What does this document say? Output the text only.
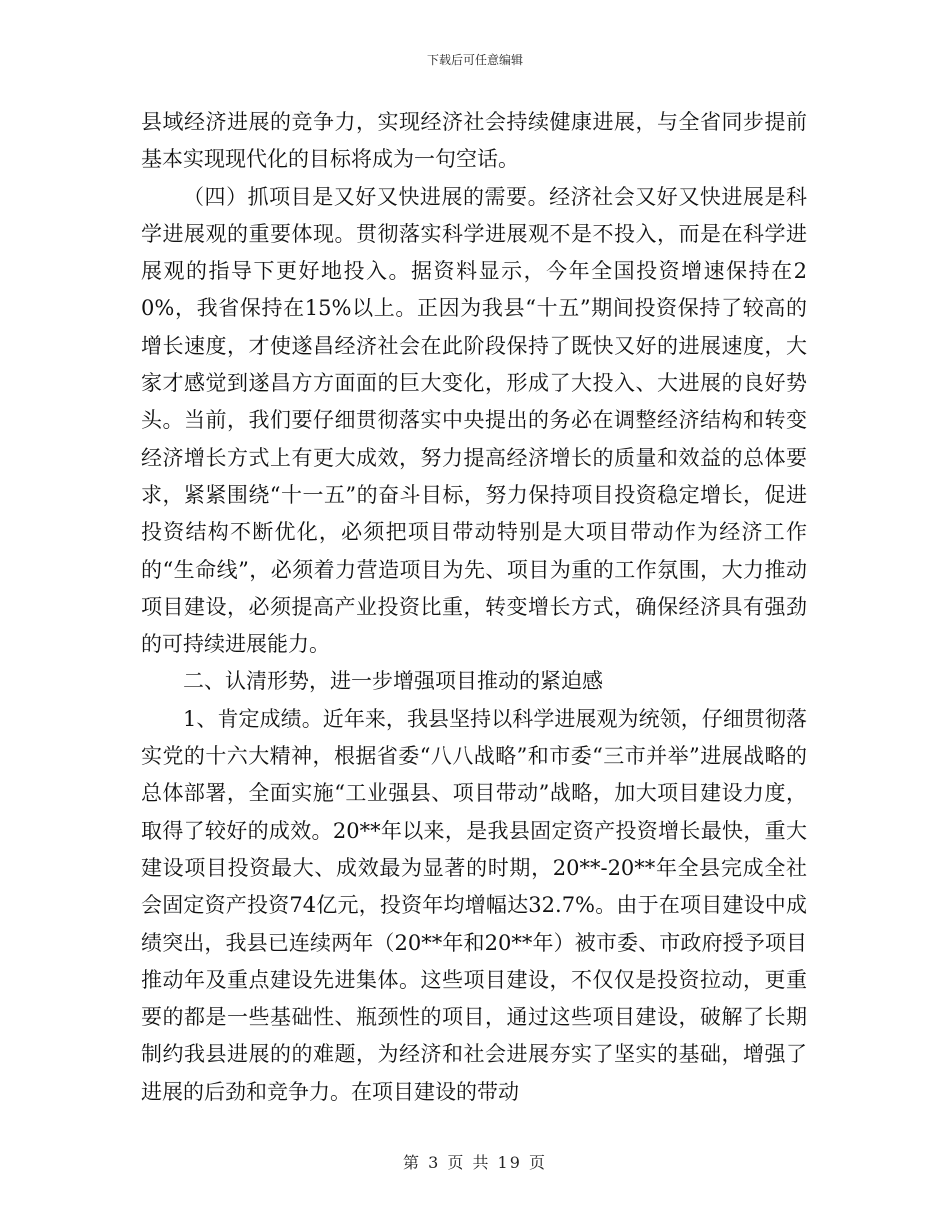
下载后可任意编辑

县域经济进展的竞争力，实现经济社会持续健康进展，与全省同步提前基本实现现代化的目标将成为一句空话。

（四）抓项目是又好又快进展的需要。经济社会又好又快进展是科学进展观的重要体现。贯彻落实科学进展观不是不投入，而是在科学进展观的指导下更好地投入。据资料显示，今年全国投资增速保持在20%，我省保持在15%以上。正因为我县“十五”期间投资保持了较高的增长速度，才使遂昌经济社会在此阶段保持了既快又好的进展速度，大家才感觉到遂昌方方面面的巨大变化，形成了大投入、大进展的良好势头。当前，我们要仔细贯彻落实中央提出的务必在调整经济结构和转变经济增长方式上有更大成效，努力提高经济增长的质量和效益的总体要求，紧紧围绕“十一五”的奋斗目标，努力保持项目投资稳定增长，促进投资结构不断优化，必须把项目带动特别是大项目带动作为经济工作的“生命线”，必须着力营造项目为先、项目为重的工作氛围，大力推动项目建设，必须提高产业投资比重，转变增长方式，确保经济具有强劲的可持续进展能力。

二、认清形势，进一步增强项目推动的紧迫感

1、肯定成绩。近年来，我县坚持以科学进展观为统领，仔细贯彻落实党的十六大精神，根据省委“八八战略”和市委“三市并举”进展战略的总体部署，全面实施“工业强县、项目带动”战略，加大项目建设力度，取得了较好的成效。20**年以来，是我县固定资产投资增长最快，重大建设项目投资最大、成效最为显著的时期，20**-20**年全县完成全社会固定资产投资74亿元，投资年均增幅达32.7%。由于在项目建设中成绩突出，我县已连续两年（20**年和20**年）被市委、市政府授予项目推动年及重点建设先进集体。这些项目建设，不仅仅是投资拉动，更重要的都是一些基础性、瓶颈性的项目，通过这些项目建设，破解了长期制约我县进展的的难题，为经济和社会进展夯实了坚实的基础，增强了进展的后劲和竞争力。在项目建设的带动

第 3 页 共 19 页
